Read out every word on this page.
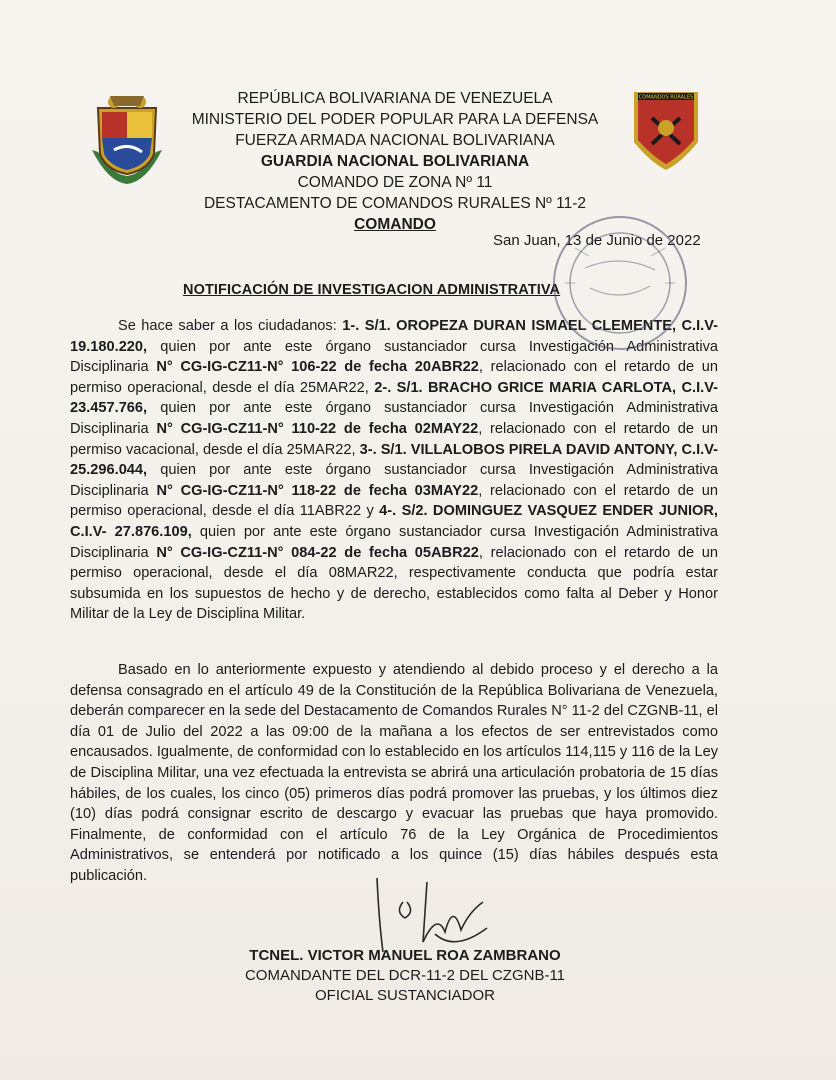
COMANDOS RURALES
REPÚBLICA BOLIVARIANA DE VENEZUELA
MINISTERIO DEL PODER POPULAR PARA LA DEFENSA
FUERZA ARMADA NACIONAL BOLIVARIANA
GUARDIA NACIONAL BOLIVARIANA
COMANDO DE ZONA Nº 11
DESTACAMENTO DE COMANDOS RURALES Nº 11-2
COMANDO
San Juan, 13 de Junio de 2022
NOTIFICACIÓN DE INVESTIGACION ADMINISTRATIVA
Se hace saber a los ciudadanos: 1-. S/1. OROPEZA DURAN ISMAEL CLEMENTE, C.I.V- 19.180.220, quien por ante este órgano sustanciador cursa Investigación Administrativa Disciplinaria N° CG-IG-CZ11-N° 106-22 de fecha 20ABR22, relacionado con el retardo de un permiso operacional, desde el día 25MAR22, 2-. S/1. BRACHO GRICE MARIA CARLOTA, C.I.V- 23.457.766, quien por ante este órgano sustanciador cursa Investigación Administrativa Disciplinaria N° CG-IG-CZ11-N° 110-22 de fecha 02MAY22, relacionado con el retardo de un permiso vacacional, desde el día 25MAR22, 3-. S/1. VILLALOBOS PIRELA DAVID ANTONY, C.I.V- 25.296.044, quien por ante este órgano sustanciador cursa Investigación Administrativa Disciplinaria N° CG-IG-CZ11-N° 118-22 de fecha 03MAY22, relacionado con el retardo de un permiso operacional, desde el día 11ABR22 y 4-. S/2. DOMINGUEZ VASQUEZ ENDER JUNIOR, C.I.V- 27.876.109, quien por ante este órgano sustanciador cursa Investigación Administrativa Disciplinaria N° CG-IG-CZ11-N° 084-22 de fecha 05ABR22, relacionado con el retardo de un permiso operacional, desde el día 08MAR22, respectivamente conducta que podría estar subsumida en los supuestos de hecho y de derecho, establecidos como falta al Deber y Honor Militar de la Ley de Disciplina Militar.
Basado en lo anteriormente expuesto y atendiendo al debido proceso y el derecho a la defensa consagrado en el artículo 49 de la Constitución de la República Bolivariana de Venezuela, deberán comparecer en la sede del Destacamento de Comandos Rurales N° 11-2 del CZGNB-11, el día 01 de Julio del 2022 a las 09:00 de la mañana a los efectos de ser entrevistados como encausados. Igualmente, de conformidad con lo establecido en los artículos 114,115 y 116 de la Ley de Disciplina Militar, una vez efectuada la entrevista se abrirá una articulación probatoria de 15 días hábiles, de los cuales, los cinco (05) primeros días podrá promover las pruebas, y los últimos diez (10) días podrá consignar escrito de descargo y evacuar las pruebas que haya promovido. Finalmente, de conformidad con el artículo 76 de la Ley Orgánica de Procedimientos Administrativos, se entenderá por notificado a los quince (15) días hábiles después esta publicación.
TCNEL. VICTOR MANUEL ROA ZAMBRANO
COMANDANTE DEL DCR-11-2 DEL CZGNB-11
OFICIAL SUSTANCIADOR
